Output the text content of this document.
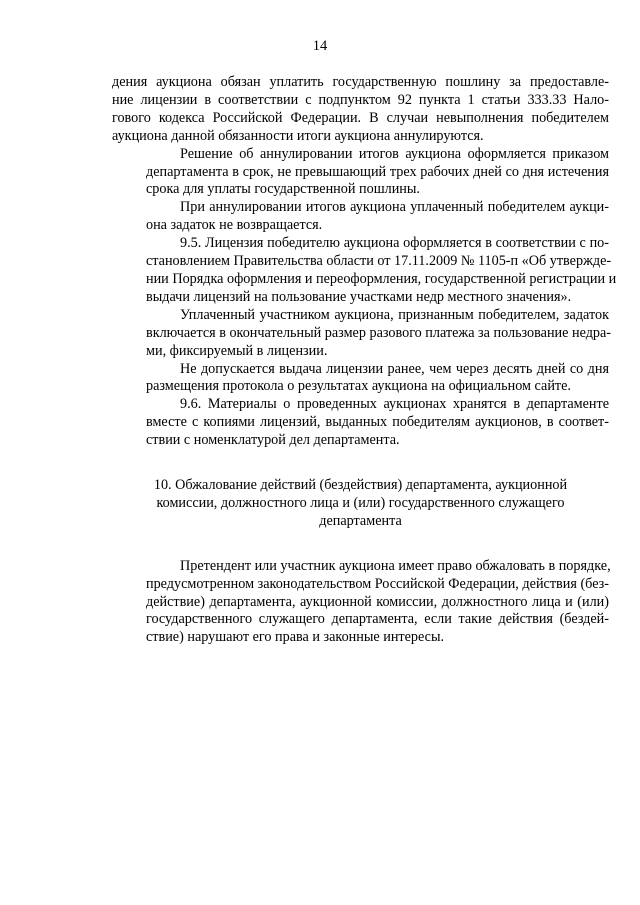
14
дения аукциона обязан уплатить государственную пошлину за предоставле-
ние лицензии в соответствии с подпунктом 92 пункта 1 статьи 333.33 Нало-
гового кодекса Российской Федерации. В случаи невыполнения победителем
аукциона данной обязанности итоги аукциона аннулируются.
Решение об аннулировании итогов аукциона оформляется приказом
департамента в срок, не превышающий трех рабочих дней со дня истечения
срока для уплаты государственной пошлины.
При аннулировании итогов аукциона уплаченный победителем аукци-
она задаток не возвращается.
9.5. Лицензия победителю аукциона оформляется в соответствии с по-
становлением Правительства области от 17.11.2009 № 1105-п «Об утвержде-
нии Порядка оформления и переоформления, государственной регистрации и
выдачи лицензий на пользование участками недр местного значения».
Уплаченный участником аукциона, признанным победителем, задаток
включается в окончательный размер разового платежа за пользование недра-
ми, фиксируемый в лицензии.
Не допускается выдача лицензии ранее, чем через десять дней со дня
размещения протокола о результатах аукциона на официальном сайте.
9.6. Материалы о проведенных аукционах хранятся в департаменте
вместе с копиями лицензий, выданных победителям аукционов, в соответ-
ствии с номенклатурой дел департамента.
10. Обжалование действий (бездействия) департамента, аукционной
комиссии, должностного лица и (или) государственного служащего
департамента
Претендент или участник аукциона имеет право обжаловать в порядке,
предусмотренном законодательством Российской Федерации, действия (без-
действие) департамента, аукционной комиссии, должностного лица и (или)
государственного служащего департамента, если такие действия (бездей-
ствие) нарушают его права и законные интересы.
